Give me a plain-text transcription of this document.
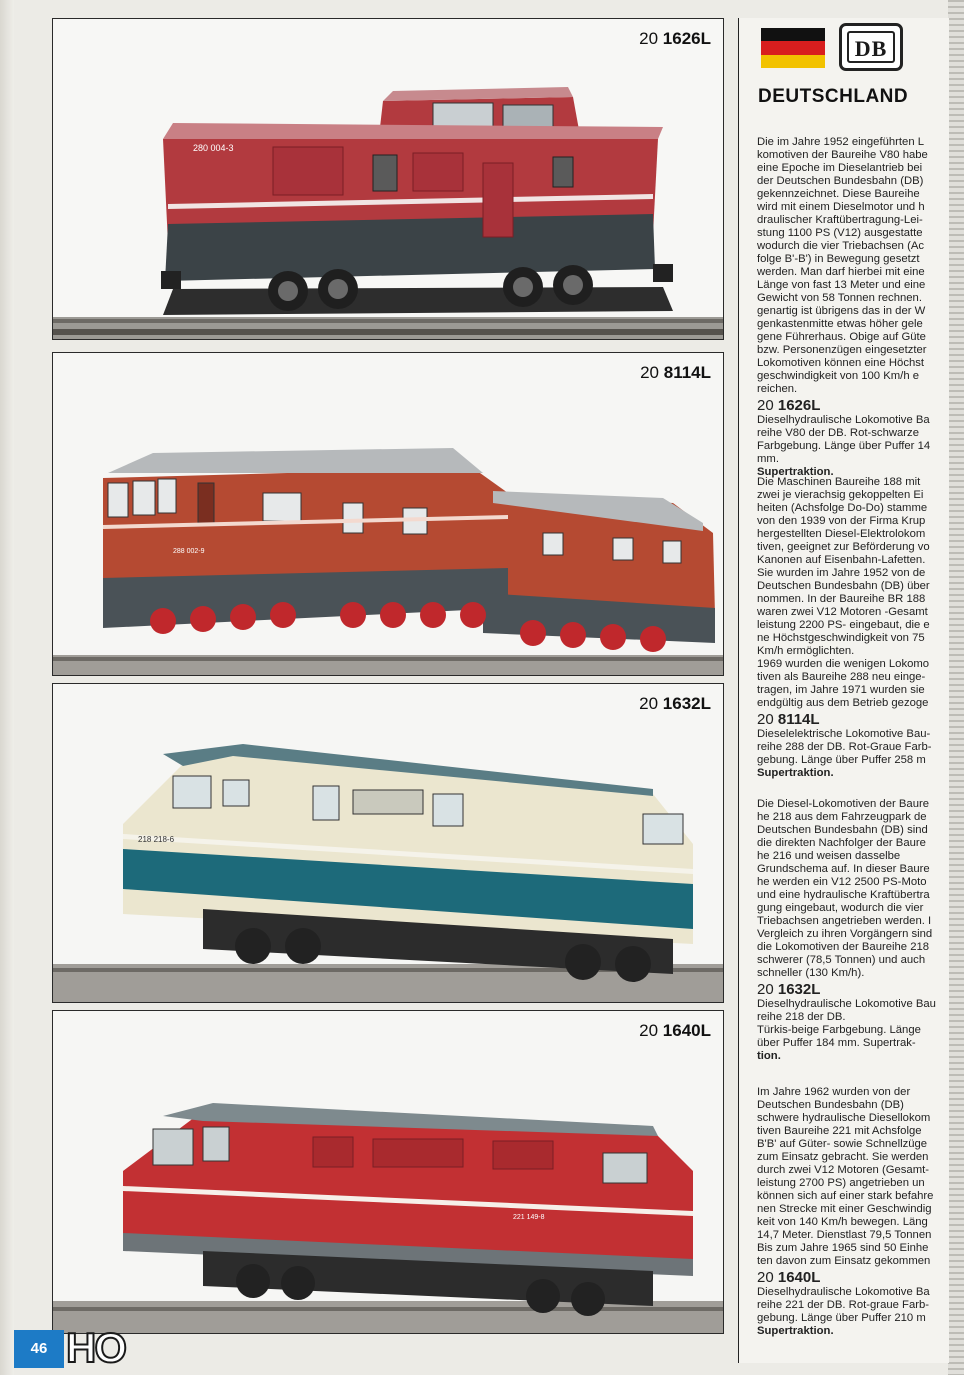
280 004-3
20 1626L
288 002-9
20 8114L
218 218-6
20 1632L
221 149-8
20 1640L
DB
DEUTSCHLAND

Die im Jahre 1952 eingeführten L

komotiven der Baureihe V80 habe

eine Epoche im Dieselantrieb bei

der Deutschen Bundesbahn (DB)

gekennzeichnet. Diese Baureihe

wird mit einem Dieselmotor und h

draulischer Kraftübertragung-Lei-

stung 1100 PS (V12) ausgestatte

wodurch die vier Triebachsen (Ac

folge B'-B') in Bewegung gesetzt

werden. Man darf hierbei mit eine

Länge von fast 13 Meter und eine

Gewicht von 58 Tonnen rechnen.

genartig ist übrigens das in der W

genkastenmitte etwas höher gele

gene Führerhaus. Obige auf Güte

bzw. Personenzügen eingesetzter

Lokomotiven können eine Höchst

geschwindigkeit von 100 Km/h e

reichen.

20 1626L

Dieselhydraulische Lokomotive Ba

reihe V80 der DB. Rot-schwarze

Farbgebung. Länge über Puffer 14

mm.

Supertraktion.

Die Maschinen Baureihe 188 mit

zwei je vierachsig gekoppelten Ei

heiten (Achsfolge Do-Do) stamme

von den 1939 von der Firma Krup

hergestellten Diesel-Elektrolokom

tiven, geeignet zur Beförderung vo

Kanonen auf Eisenbahn-Lafetten.

Sie wurden im Jahre 1952 von de

Deutschen Bundesbahn (DB) über

nommen. In der Baureihe BR 188

waren zwei V12 Motoren -Gesamt

leistung 2200 PS- eingebaut, die e

ne Höchstgeschwindigkeit von 75

Km/h ermöglichten.

1969 wurden die wenigen Lokomo

tiven als Baureihe 288 neu einge-

tragen, im Jahre 1971 wurden sie

endgültig aus dem Betrieb gezoge

20 8114L

Dieselelektrische Lokomotive Bau-

reihe 288 der DB. Rot-Graue Farb-

gebung. Länge über Puffer 258 m

Supertraktion.

Die Diesel-Lokomotiven der Baure

he 218 aus dem Fahrzeugpark de

Deutschen Bundesbahn (DB) sind

die direkten Nachfolger der Baure

he 216 und weisen dasselbe

Grundschema auf. In dieser Baure

he werden ein V12 2500 PS-Moto

und eine hydraulische Kraftübertra

gung eingebaut, wodurch die vier

Triebachsen angetrieben werden. I

Vergleich zu ihren Vorgängern sind

die Lokomotiven der Baureihe 218

schwerer (78,5 Tonnen) und auch

schneller (130 Km/h).

20 1632L

Dieselhydraulische Lokomotive Bau

reihe 218 der DB.

Türkis-beige Farbgebung. Länge

über Puffer 184 mm. Supertrak-

tion.

Im Jahre 1962 wurden von der

Deutschen Bundesbahn (DB)

schwere hydraulische Diesellokom

tiven Baureihe 221 mit Achsfolge

B'B' auf Güter- sowie Schnellzüge

zum Einsatz gebracht. Sie werden

durch zwei V12 Motoren (Gesamt-

leistung 2700 PS) angetrieben un

können sich auf einer stark befahre

nen Strecke mit einer Geschwindig

keit von 140 Km/h bewegen. Läng

14,7 Meter. Dienstlast 79,5 Tonnen

Bis zum Jahre 1965 sind 50 Einhe

ten davon zum Einsatz gekommen

20 1640L

Dieselhydraulische Lokomotive Ba

reihe 221 der DB. Rot-graue Farb-

gebung. Länge über Puffer 210 m

Supertraktion.

46 HO
